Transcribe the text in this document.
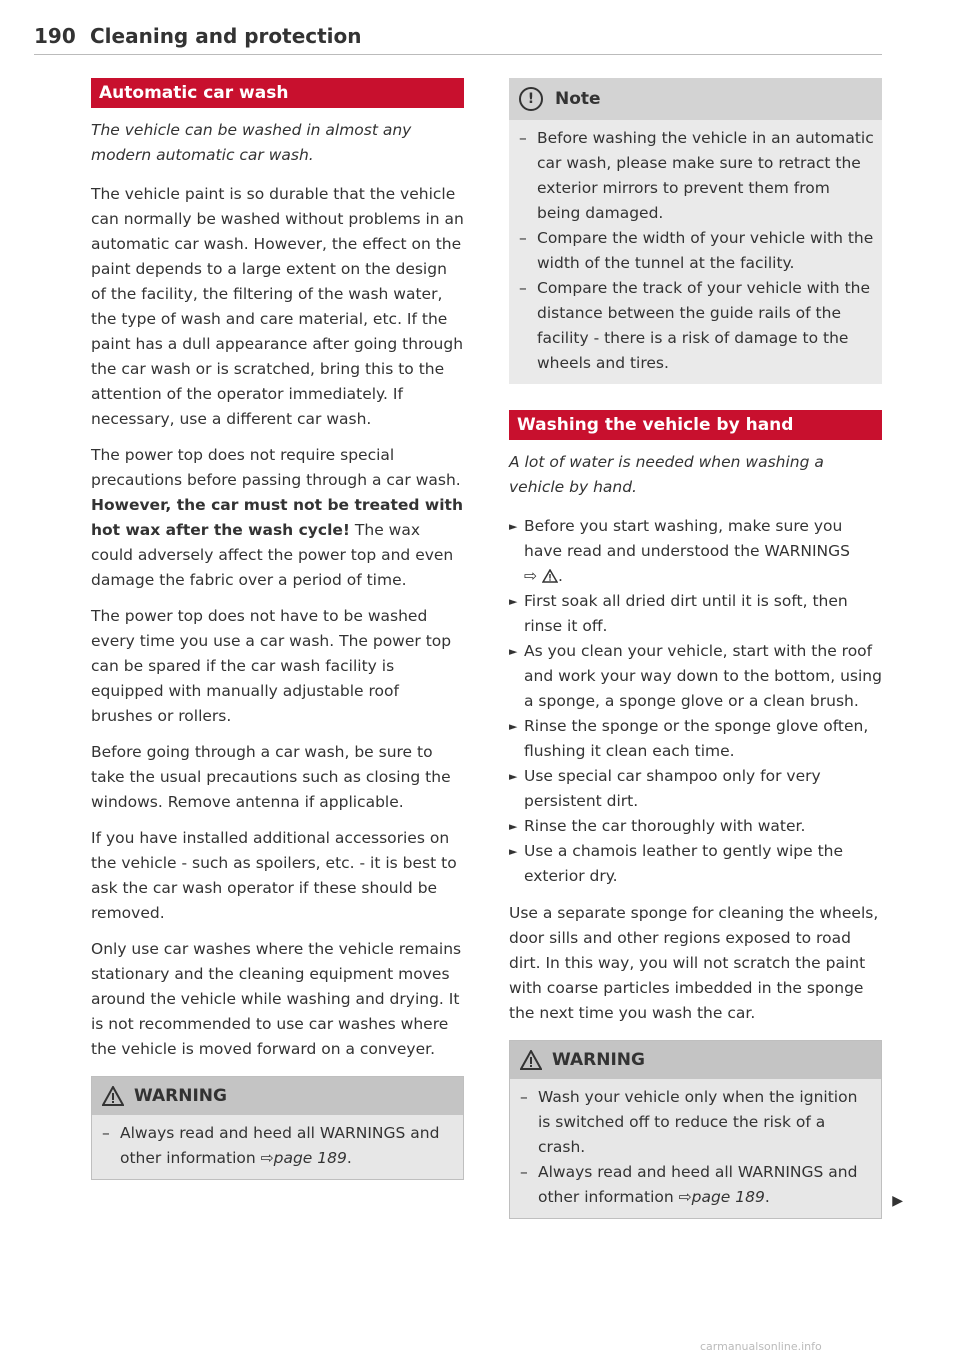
190 Cleaning and protection
Automatic car wash

The vehicle can be washed in almost any modern automatic car wash.

The vehicle paint is so durable that the vehicle can normally be washed without problems in an automatic car wash. However, the effect on the paint depends to a large extent on the design of the facility, the filtering of the wash water, the type of wash and care material, etc. If the paint has a dull appearance after going through the car wash or is scratched, bring this to the attention of the operator immediately. If necessary, use a different car wash.

The power top does not require special precautions before passing through a car wash. However, the car must not be treated with hot wax after the wash cycle! The wax could adversely affect the power top and even damage the fabric over a period of time.

The power top does not have to be washed every time you use a car wash. The power top can be spared if the car wash facility is equipped with manually adjustable roof brushes or rollers.

Before going through a car wash, be sure to take the usual precautions such as closing the windows. Remove antenna if applicable.

If you have installed additional accessories on the vehicle - such as spoilers, etc. - it is best to ask the car wash operator if these should be removed.

Only use car washes where the vehicle remains stationary and the cleaning equipment moves around the vehicle while washing and drying. It is not recommended to use car washes where the vehicle is moved forward on a conveyer.

WARNING
– Always read and heed all WARNINGS and other information ⇨page 189.
!	Note
– Before washing the vehicle in an automatic car wash, please make sure to retract the exterior mirrors to prevent them from being damaged.
– Compare the width of your vehicle with the width of the tunnel at the facility.
– Compare the track of your vehicle with the distance between the guide rails of the facility - there is a risk of damage to the wheels and tires.
Washing the vehicle by hand

A lot of water is needed when washing a vehicle by hand.

► Before you start washing, make sure you have read and understood the WARNINGS
⇨ .
► First soak all dried dirt until it is soft, then rinse it off.
► As you clean your vehicle, start with the roof and work your way down to the bottom, using a sponge, a sponge glove or a clean brush.
► Rinse the sponge or the sponge glove often, flushing it clean each time.
► Use special car shampoo only for very persistent dirt.
► Rinse the car thoroughly with water.
► Use a chamois leather to gently wipe the exterior dry.

Use a separate sponge for cleaning the wheels, door sills and other regions exposed to road dirt. In this way, you will not scratch the paint with coarse particles imbedded in the sponge the next time you wash the car.

WARNING
– Wash your vehicle only when the ignition is switched off to reduce the risk of a crash.
– Always read and heed all WARNINGS and other information ⇨page 189.	▶
carmanualsonline.info
